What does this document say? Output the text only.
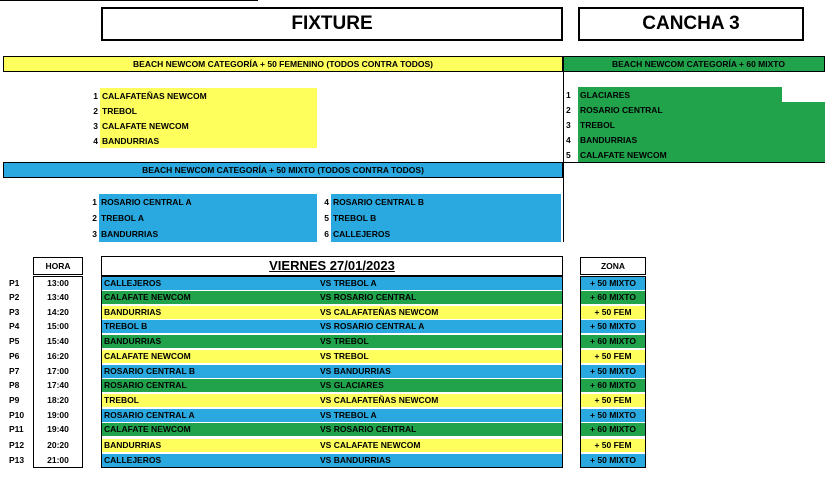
FIXTURE	CANCHA 3
BEACH NEWCOM CATEGORÍA + 50 FEMENINO (TODOS CONTRA TODOS)	BEACH NEWCOM CATEGORÍA + 60 MIXTO
1 CALAFATEÑAS NEWCOM
2 TREBOL
3 CALAFATE NEWCOM
4 BANDURRIAS
1	GLACIARES
2	ROSARIO CENTRAL
3	TREBOL
4	BANDURRIAS
5	CALAFATE NEWCOM
BEACH NEWCOM CATEGORÍA + 50 MIXTO (TODOS CONTRA TODOS)
1 ROSARIO CENTRAL A
2 TREBOL A
3 BANDURRIAS
4 ROSARIO CENTRAL B
5 TREBOL B
6 CALLEJEROS
HORA	VIERNES 27/01/2023	ZONA
P1	13:00	CALLEJEROS	VS TREBOL A	+ 50 MIXTO
P2	13:40	CALAFATE NEWCOM	VS ROSARIO CENTRAL	+ 60 MIXTO
P3	14:20	BANDURRIAS	VS CALAFATEÑAS NEWCOM	+ 50 FEM
P4	15:00	TREBOL B	VS ROSARIO CENTRAL A	+ 50 MIXTO
P5	15:40	BANDURRIAS	VS TREBOL	+ 60 MIXTO
P6	16:20	CALAFATE NEWCOM	VS TREBOL	+ 50 FEM
P7	17:00	ROSARIO CENTRAL B	VS BANDURRIAS	+ 50 MIXTO
P8	17:40	ROSARIO CENTRAL	VS GLACIARES	+ 60 MIXTO
P9	18:20	TREBOL	VS CALAFATEÑAS NEWCOM	+ 50 FEM
P10	19:00	ROSARIO CENTRAL A	VS TREBOL A	+ 50 MIXTO
P11	19:40	CALAFATE NEWCOM	VS ROSARIO CENTRAL	+ 60 MIXTO
P12	20:20	BANDURRIAS	VS CALAFATE NEWCOM	+ 50 FEM
P13	21:00	CALLEJEROS	VS BANDURRIAS	+ 50 MIXTO
